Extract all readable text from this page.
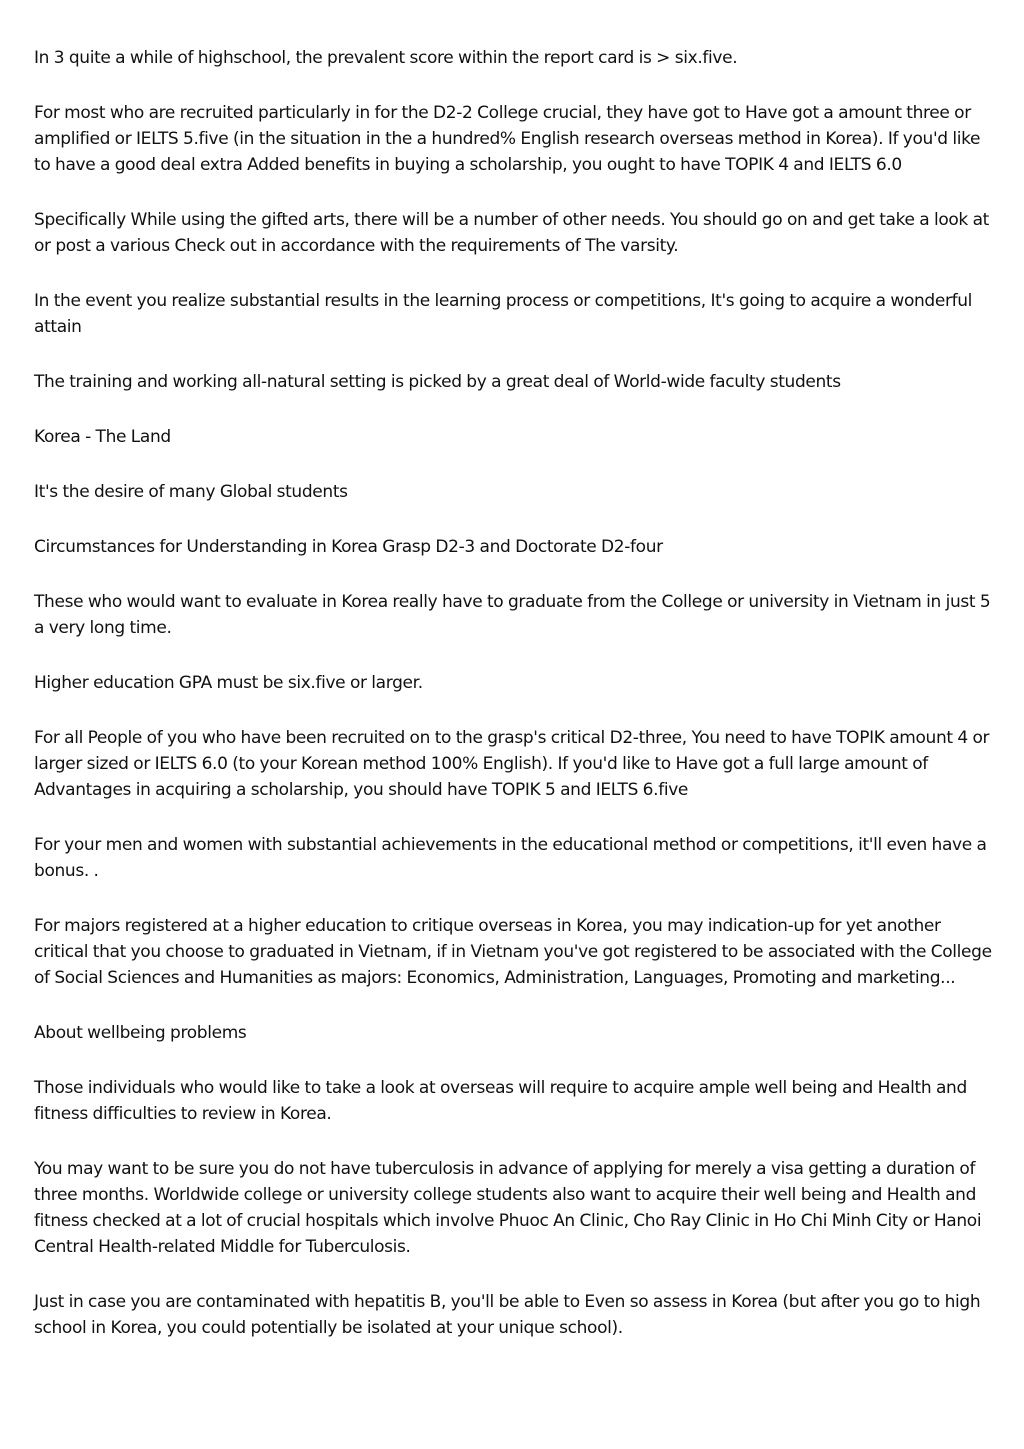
In 3 quite a while of highschool, the prevalent score within the report card is > six.five.

For most who are recruited particularly in for the D2-2 College crucial, they have got to Have got a amount three or amplified or IELTS 5.five (in the situation in the a hundred% English research overseas method in Korea). If you'd like to have a good deal extra Added benefits in buying a scholarship, you ought to have TOPIK 4 and IELTS 6.0

Specifically While using the gifted arts, there will be a number of other needs. You should go on and get take a look at or post a various Check out in accordance with the requirements of The varsity.

In the event you realize substantial results in the learning process or competitions, It's going to acquire a wonderful attain

The training and working all-natural setting is picked by a great deal of World-wide faculty students

Korea - The Land

It's the desire of many Global students

Circumstances for Understanding in Korea Grasp D2-3 and Doctorate D2-four

These who would want to evaluate in Korea really have to graduate from the College or university in Vietnam in just 5 a very long time.

Higher education GPA must be six.five or larger.

For all People of you who have been recruited on to the grasp's critical D2-three, You need to have TOPIK amount 4 or larger sized or IELTS 6.0 (to your Korean method 100% English). If you'd like to Have got a full large amount of Advantages in acquiring a scholarship, you should have TOPIK 5 and IELTS 6.five

For your men and women with substantial achievements in the educational method or competitions, it'll even have a bonus. .

For majors registered at a higher education to critique overseas in Korea, you may indication-up for yet another critical that you choose to graduated in Vietnam, if in Vietnam you've got registered to be associated with the College of Social Sciences and Humanities as majors: Economics, Administration, Languages, Promoting and marketing...

About wellbeing problems

Those individuals who would like to take a look at overseas will require to acquire ample well being and Health and fitness difficulties to review in Korea.

You may want to be sure you do not have tuberculosis in advance of applying for merely a visa getting a duration of three months. Worldwide college or university college students also want to acquire their well being and Health and fitness checked at a lot of crucial hospitals which involve Phuoc An Clinic, Cho Ray Clinic in Ho Chi Minh City or Hanoi Central Health-related Middle for Tuberculosis.

Just in case you are contaminated with hepatitis B, you'll be able to Even so assess in Korea (but after you go to high school in Korea, you could potentially be isolated at your unique school).
